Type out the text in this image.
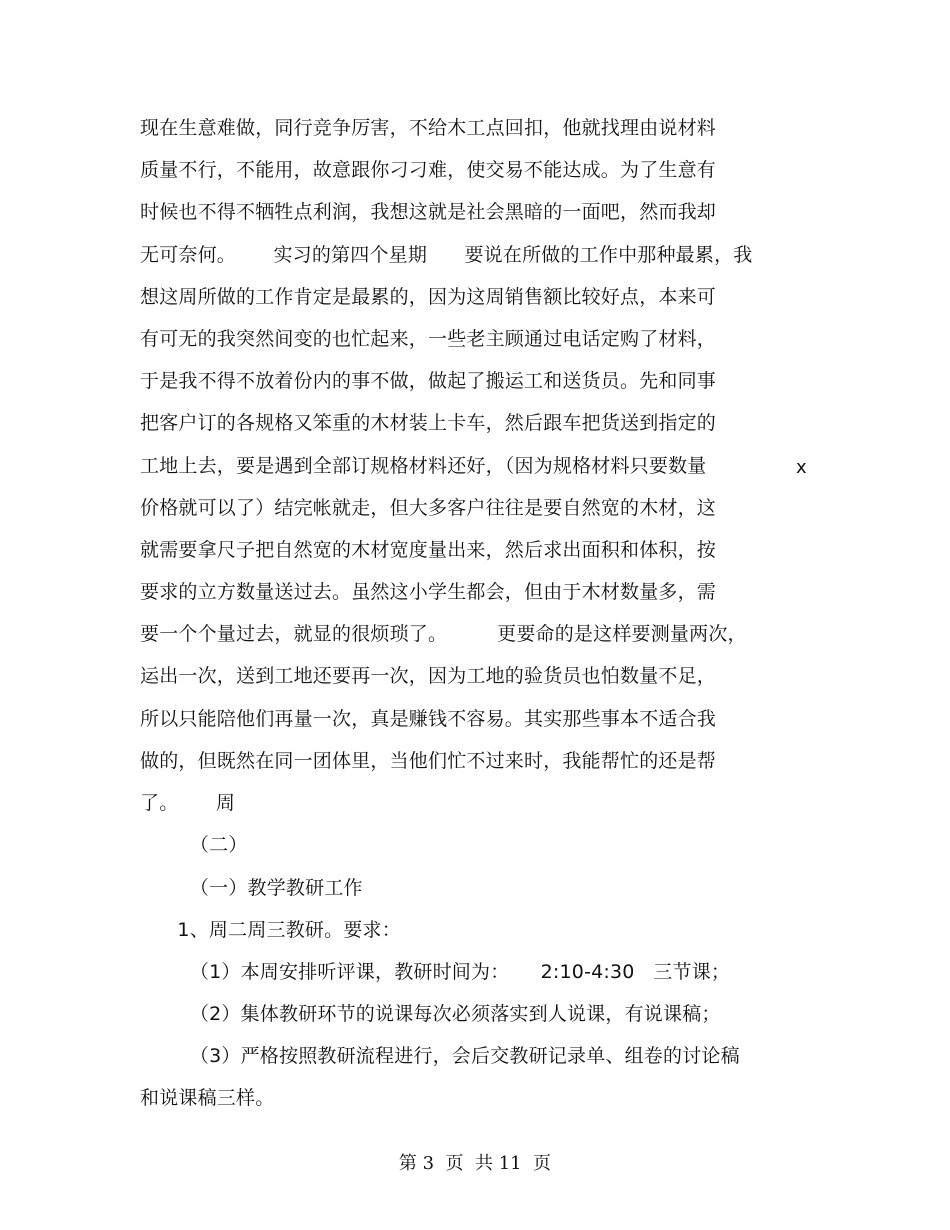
现在生意难做，同行竞争厉害，不给木工点回扣，他就找理由说材料
质量不行，不能用，故意跟你刁刁难，使交易不能达成。为了生意有
时候也不得不牺牲点利润，我想这就是社会黑暗的一面吧，然而我却
无可奈何。      实习的第四个星期      要说在所做的工作中那种最累，我
想这周所做的工作肯定是最累的，因为这周销售额比较好点，本来可
有可无的我突然间变的也忙起来，一些老主顾通过电话定购了材料，
于是我不得不放着份内的事不做，做起了搬运工和送货员。先和同事
把客户订的各规格又笨重的木材装上卡车，然后跟车把货送到指定的
工地上去，要是遇到全部订规格材料还好，（因为规格材料只要数量
价格就可以了）结完帐就走，但大多客户往往是要自然宽的木材，这
就需要拿尺子把自然宽的木材宽度量出来，然后求出面积和体积，按
要求的立方数量送过去。虽然这小学生都会，但由于木材数量多，需
要一个个量过去，就显的很烦琐了。        更要命的是这样要测量两次，
运出一次，送到工地还要再一次，因为工地的验货员也怕数量不足，
所以只能陪他们再量一次，真是赚钱不容易。其实那些事本不适合我
做的，但既然在同一团体里，当他们忙不过来时，我能帮忙的还是帮
了。      周
（二）
（一）教学教研工作
1、周二周三教研。要求：
（1）本周安排听评课，教研时间为：     2:10-4:30   三节课；
（2）集体教研环节的说课每次必须落实到人说课，有说课稿；
（3）严格按照教研流程进行，会后交教研记录单、组卷的讨论稿
和说课稿三样。
x
第 3  页  共 11  页
